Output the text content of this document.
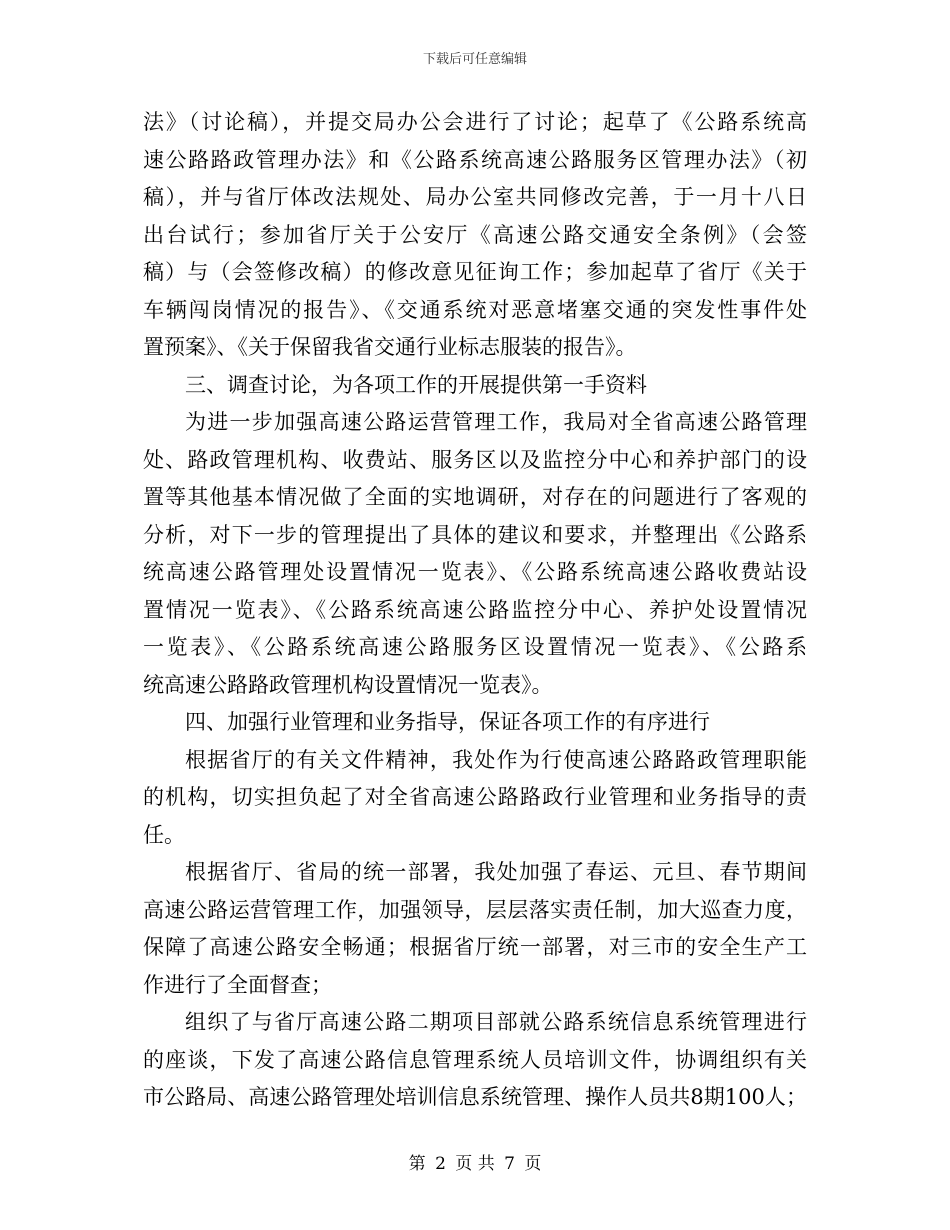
下载后可任意编辑
法》（讨论稿），并提交局办公会进行了讨论；起草了《公路系统高
速公路路政管理办法》和《公路系统高速公路服务区管理办法》（初
稿），并与省厅体改法规处、局办公室共同修改完善，于一月十八日
出台试行；参加省厅关于公安厅《高速公路交通安全条例》（会签
稿）与（会签修改稿）的修改意见征询工作；参加起草了省厅《关于
车辆闯岗情况的报告》、《交通系统对恶意堵塞交通的突发性事件处
置预案》、《关于保留我省交通行业标志服装的报告》。
三、调查讨论，为各项工作的开展提供第一手资料
为进一步加强高速公路运营管理工作，我局对全省高速公路管理
处、路政管理机构、收费站、服务区以及监控分中心和养护部门的设
置等其他基本情况做了全面的实地调研，对存在的问题进行了客观的
分析，对下一步的管理提出了具体的建议和要求，并整理出《公路系
统高速公路管理处设置情况一览表》、《公路系统高速公路收费站设
置情况一览表》、《公路系统高速公路监控分中心、养护处设置情况
一览表》、《公路系统高速公路服务区设置情况一览表》、《公路系
统高速公路路政管理机构设置情况一览表》。
四、加强行业管理和业务指导，保证各项工作的有序进行
根据省厅的有关文件精神，我处作为行使高速公路路政管理职能
的机构，切实担负起了对全省高速公路路政行业管理和业务指导的责
任。
根据省厅、省局的统一部署，我处加强了春运、元旦、春节期间
高速公路运营管理工作，加强领导，层层落实责任制，加大巡查力度，
保障了高速公路安全畅通；根据省厅统一部署，对三市的安全生产工
作进行了全面督查；
组织了与省厅高速公路二期项目部就公路系统信息系统管理进行
的座谈，下发了高速公路信息管理系统人员培训文件，协调组织有关
市公路局、高速公路管理处培训信息系统管理、操作人员共8期100人；
第 2 页 共 7 页
